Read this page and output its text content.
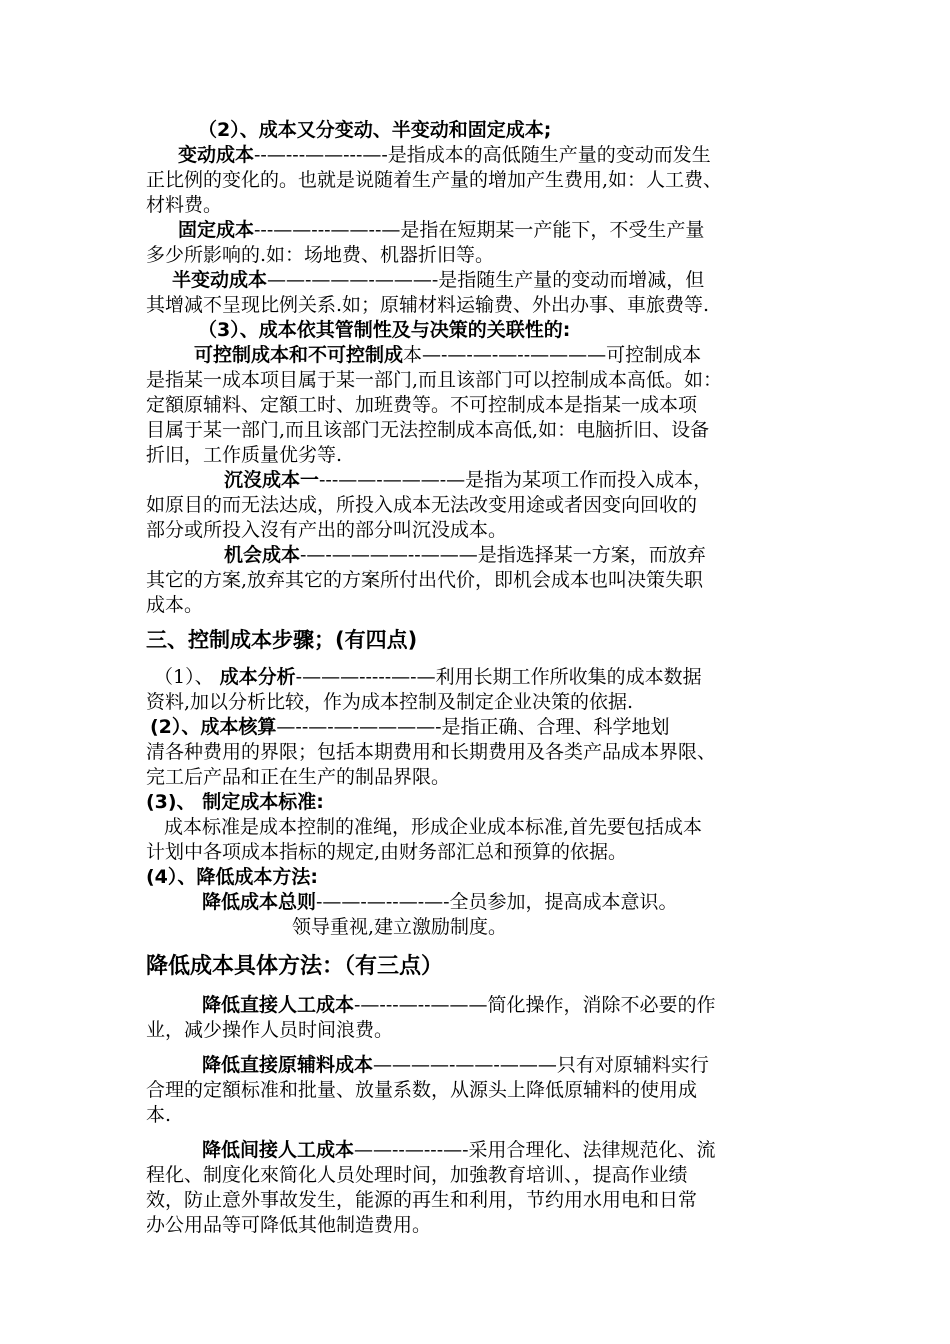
（2）、成本又分变动、半变动和固定成本;

变动成本--—---——---—-是指成本的高低随生产量的变动而发生

正比例的变化的。也就是说随着生产量的增加产生费用,如：人工费、

材料费。

固定成本---——---——--—是指在短期某一产能下，不受生产量

多少所影响的.如：场地费、机器折旧等。

半变动成本——-———-———-是指随生产量的变动而增减，但

其增减不呈现比例关系.如；原辅材料运输费、外出办事、車旅费等.

（3）、成本依其管制性及与决策的关联性的:

可控制成本和不可控制成本—-—-—-—--————可控制成本

是指某一成本项目属于某一部门,而且该部门可以控制成本高低。如：

定額原辅料、定額工时、加班费等。不可控制成本是指某一成本项

目属于某一部门,而且该部门无法控制成本高低,如：电脑折旧、设备

折旧，工作质量优劣等.

沉沒成本一---——-———-—是指为某项工作而投入成本，

如原目的而无法达成，所投入成本无法改变用途或者因变向回收的

部分或所投入沒有产出的部分叫沉没成本。

机会成本-—-————--———是指选择某一方案，而放弃

其它的方案,放弃其它的方案所付出代价，即机会成本也叫决策失职

成本。

三、控制成本步骤；(有四点)

（1）、 成本分析-———-----—-—利用长期工作所收集的成本数据

资料,加以分析比较，作为成本控制及制定企业决策的依据.

(2）、成本核算—--—-—-————-是指正确、合理、科学地划

清各种费用的界限；包括本期费用和长期费用及各类产品成本界限、

完工后产品和正在生产的制品界限。

(3)、 制定成本标准:

成本标准是成本控制的准绳，形成企业成本标准,首先要包括成本

计划中各项成本指标的规定,由财务部汇总和预算的依据。

(4）、降低成本方法:

降低成本总则-——-—--—-—-全员参加，提高成本意识。

领导重视,建立激励制度。

降低成本具体方法：（有三点）

降低直接人工成本-—---—--———简化操作，消除不必要的作

业，减少操作人员时间浪费。

降低直接原辅料成本————-——-———只有对原辅料实行

合理的定額标准和批量、放量系数，从源头上降低原辅料的使用成

本.

降低间接人工成本——--—---—-采用合理化、法律规范化、流

程化、制度化來简化人员处理时间，加強教育培训、，提高作业绩

效，防止意外事故发生，能源的再生和利用，节约用水用电和日常

办公用品等可降低其他制造费用。
